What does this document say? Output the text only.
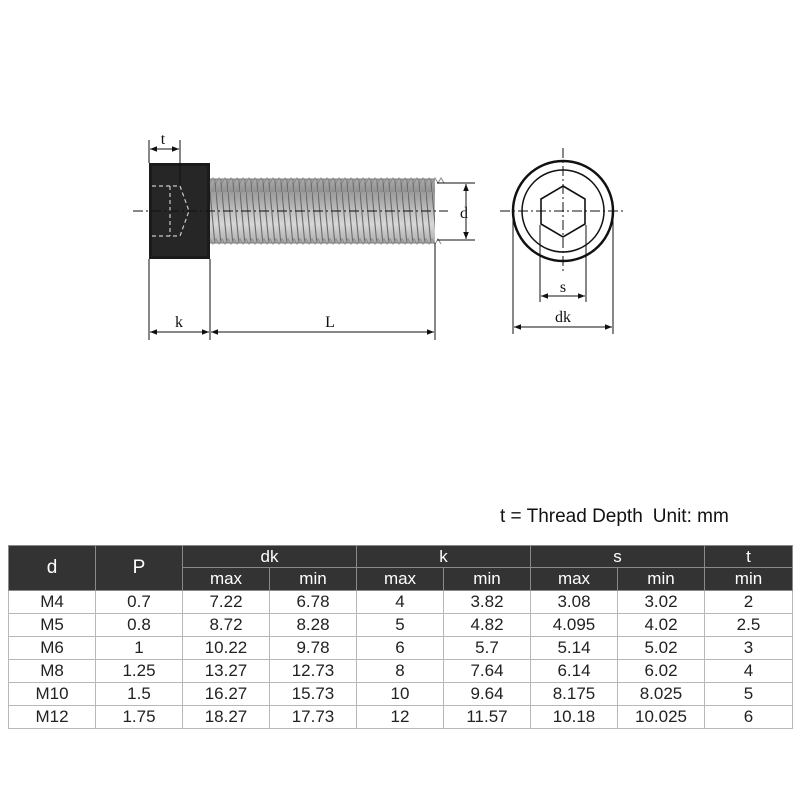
t
d
k	L
s
dk
t = Thread Depth Unit: mm
d	P	dk		k		s		t
		max	min	max	min	max	min	min
M4	0.7	7.22	6.78	4	3.82	3.08	3.02	2
M5	0.8	8.72	8.28	5	4.82	4.095	4.02	2.5
M6	1	10.22	9.78	6	5.7	5.14	5.02	3
M8	1.25	13.27	12.73	8	7.64	6.14	6.02	4
M10	1.5	16.27	15.73	10	9.64	8.175	8.025	5
M12	1.75	18.27	17.73	12	11.57	10.18	10.025	6
